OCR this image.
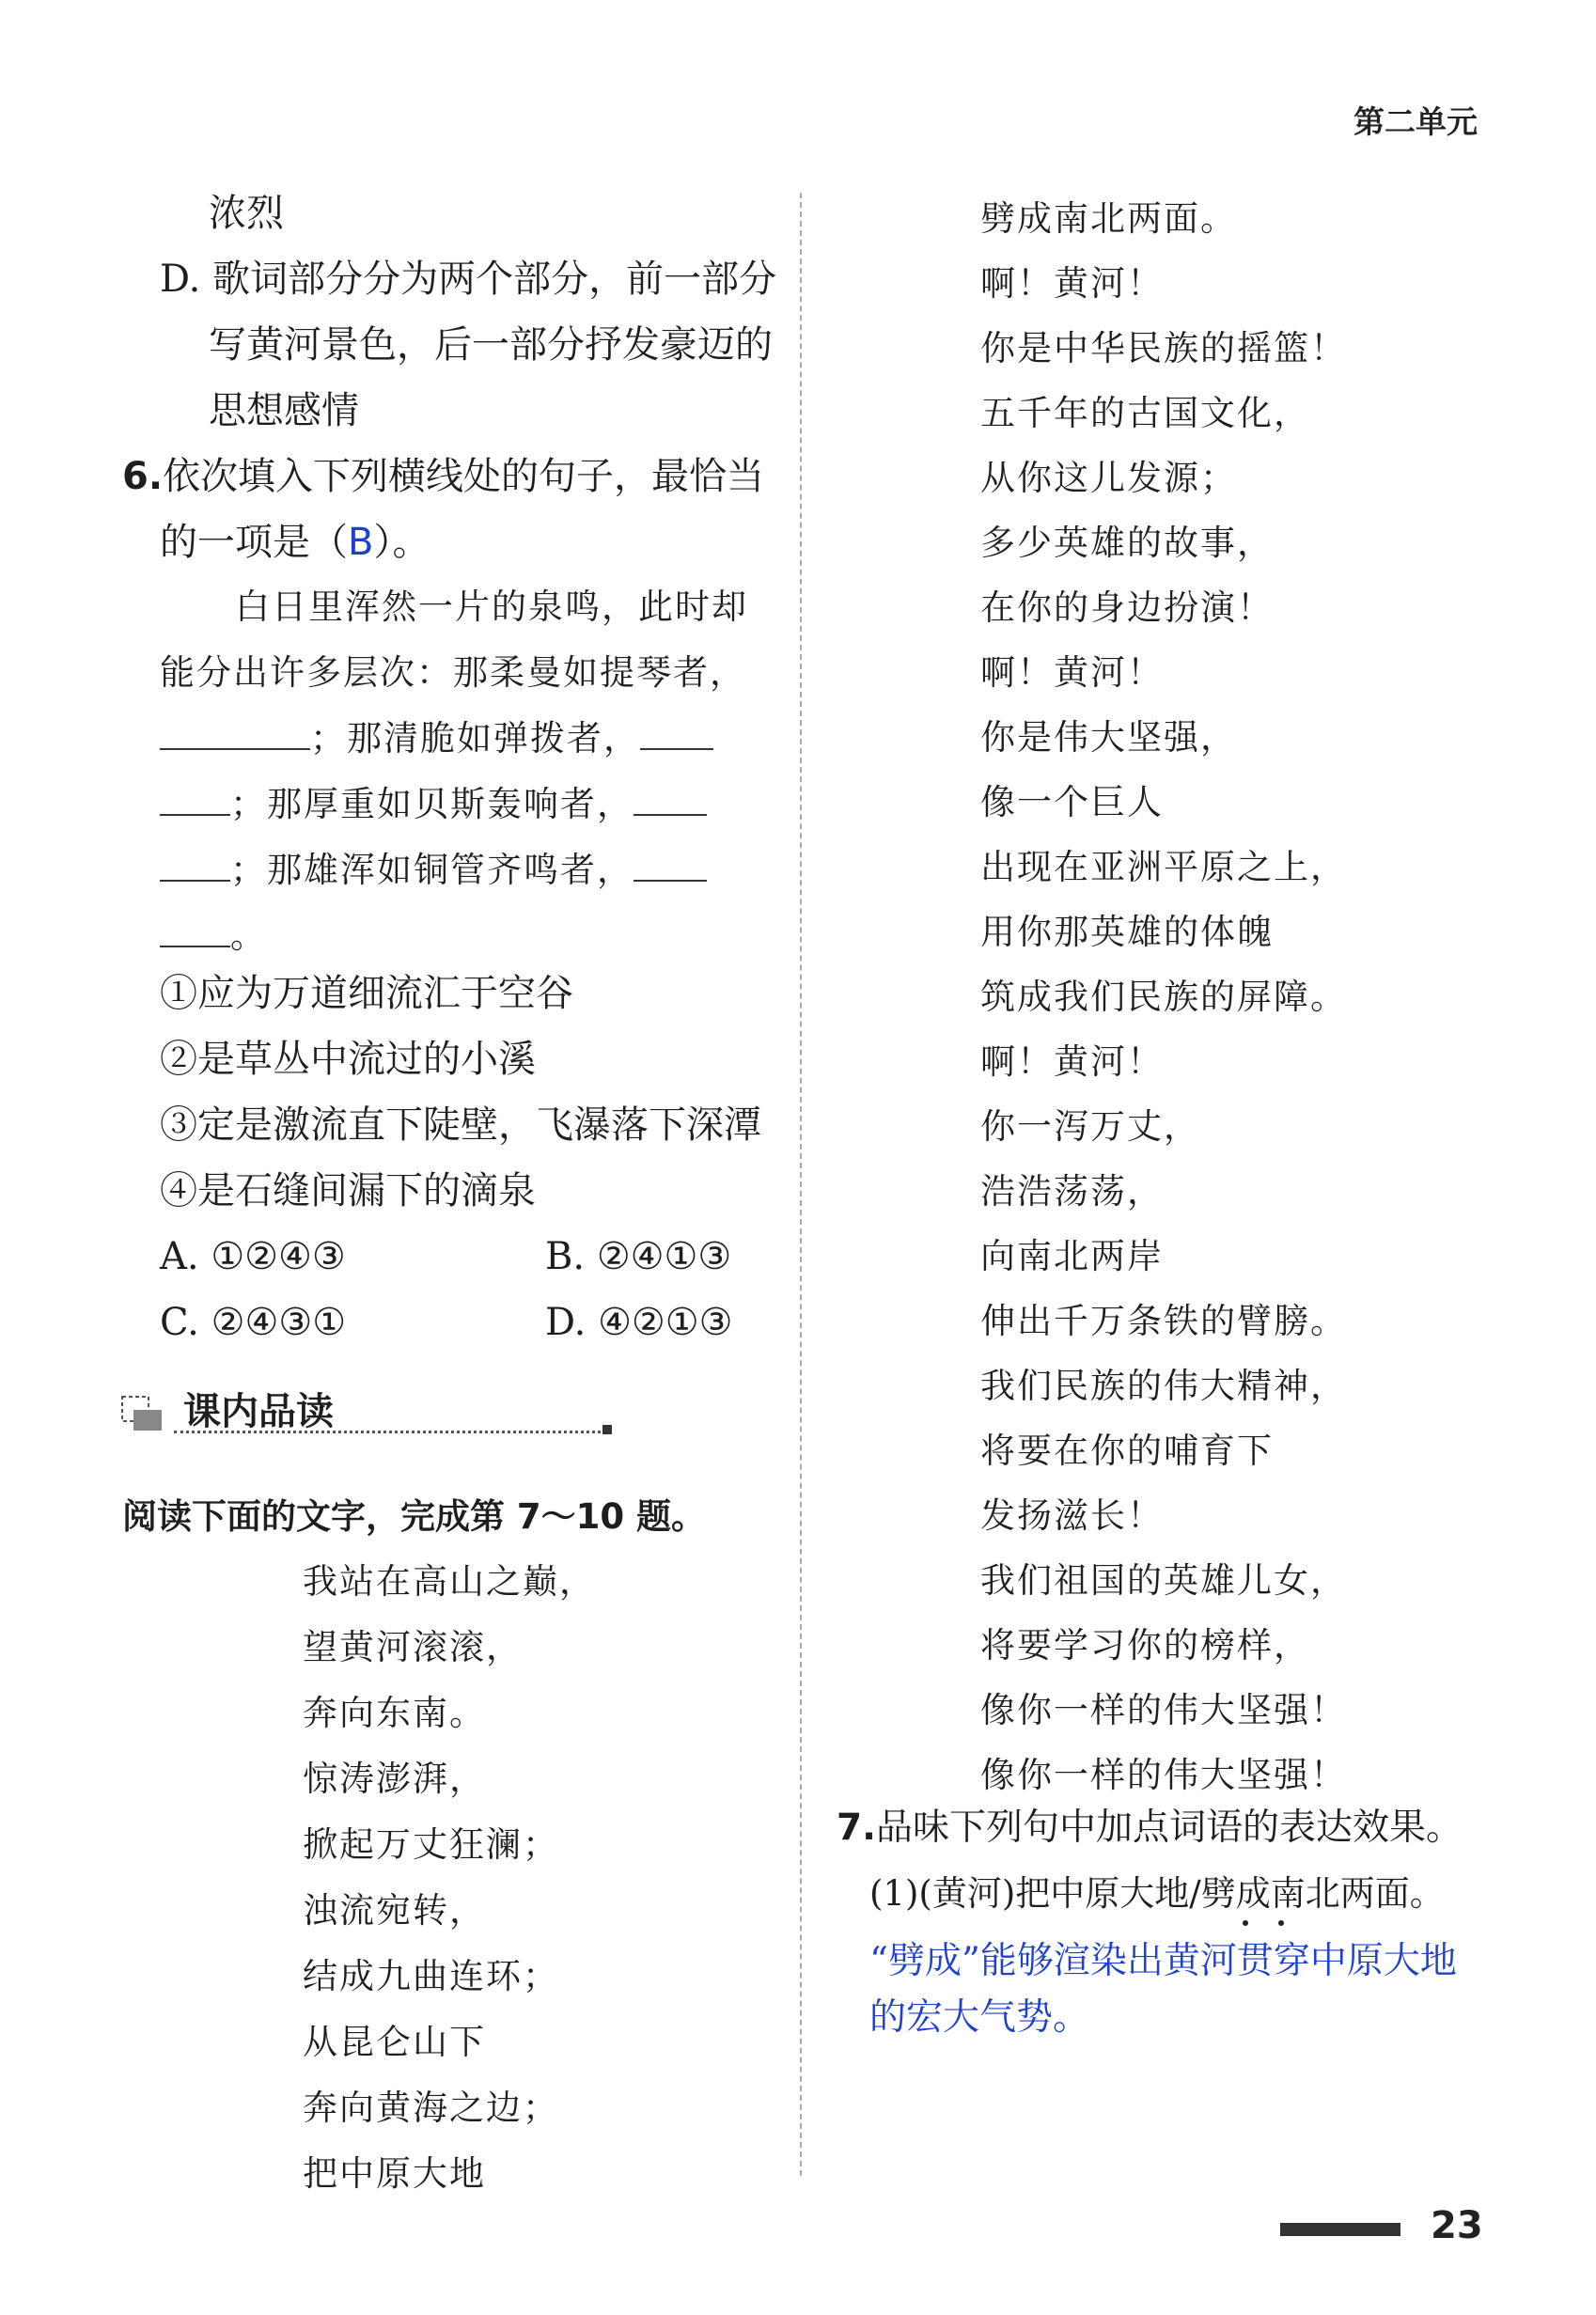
第二单元
浓烈
D. 歌词部分分为两个部分，前一部分
写黄河景色，后一部分抒发豪迈的
思想感情
6.依次填入下列横线处的句子，最恰当
的一项是（B）。
白日里浑然一片的泉鸣，此时却
能分出许多层次：那柔曼如提琴者，
；那清脆如弹拨者，
；那厚重如贝斯轰响者，
；那雄浑如铜管齐鸣者，
。
①应为万道细流汇于空谷
②是草丛中流过的小溪
③定是激流直下陡壁，飞瀑落下深潭
④是石缝间漏下的滴泉
A. ①②④③	B. ②④①③
C. ②④③①	D. ④②①③
课内品读
阅读下面的文字，完成第 7～10 题。
我站在高山之巅，
望黄河滚滚，
奔向东南。
惊涛澎湃，
掀起万丈狂澜；
浊流宛转，
结成九曲连环；
从昆仑山下
奔向黄海之边；
把中原大地
劈成南北两面。
啊！黄河！
你是中华民族的摇篮！
五千年的古国文化，
从你这儿发源；
多少英雄的故事，
在你的身边扮演！
啊！黄河！
你是伟大坚强，
像一个巨人
出现在亚洲平原之上，
用你那英雄的体魄
筑成我们民族的屏障。
啊！黄河！
你一泻万丈，
浩浩荡荡，
向南北两岸
伸出千万条铁的臂膀。
我们民族的伟大精神，
将要在你的哺育下
发扬滋长！
我们祖国的英雄儿女，
将要学习你的榜样，
像你一样的伟大坚强！
像你一样的伟大坚强！
7.品味下列句中加点词语的表达效果。
(1)(黄河)把中原大地/劈成南北两面。
“劈成”能够渲染出黄河贯穿中原大地
的宏大气势。
23
